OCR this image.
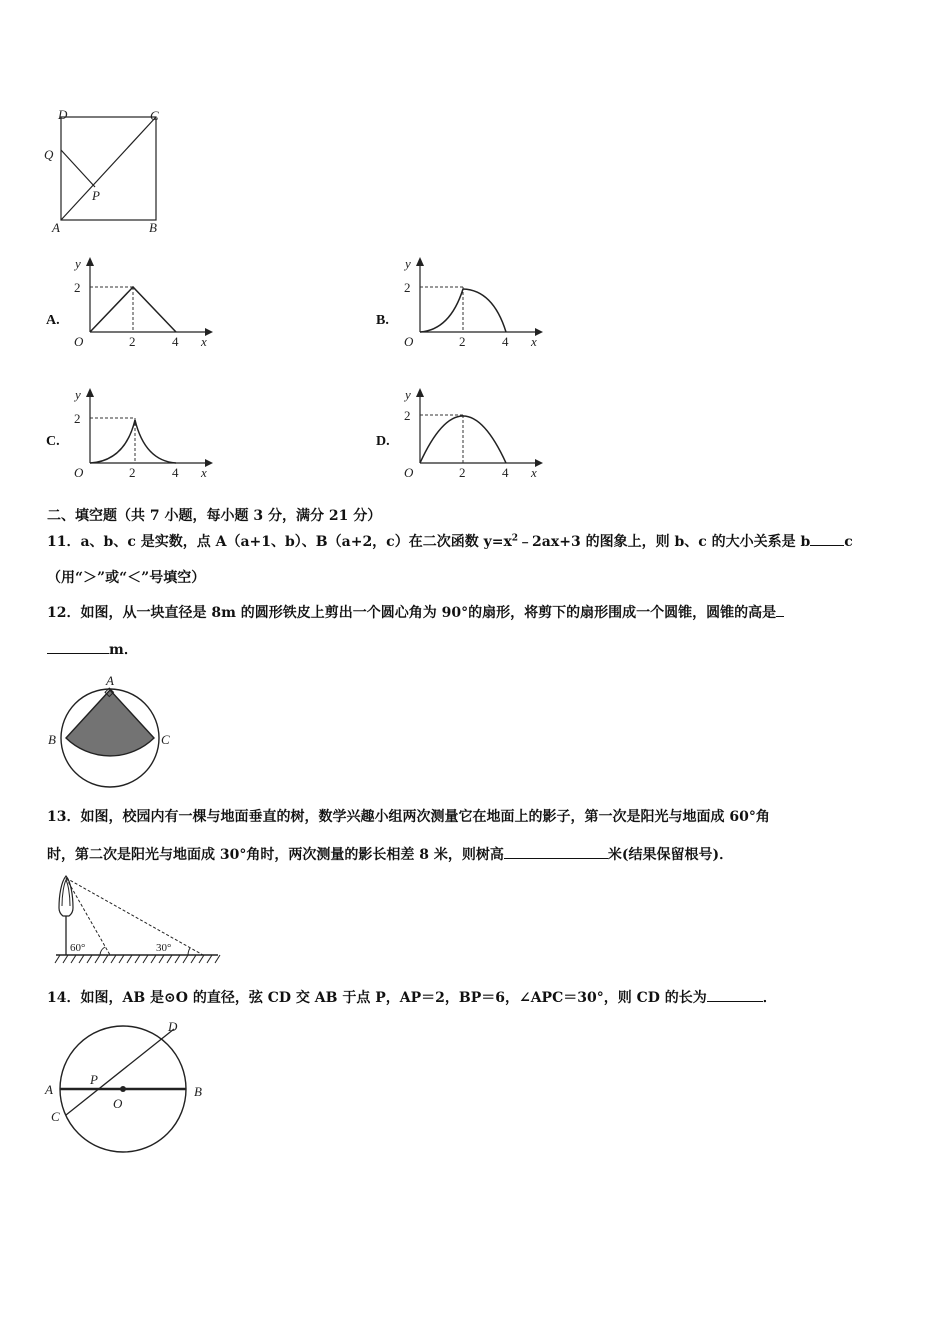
D	C
Q
P
A	B
A.
y
2
O	2	4 x
B.
y
2
O	2	4 x
C.
y
2
O	2	4 x
D.
y
2
O	2	4 x
二、填空题（共 7 小题，每小题 3 分，满分 21 分）
11．a、b、c 是实数，点 A（a+1、b）、B（a+2，c）在二次函数 $y=x^2﹣2ax+3$ 的图象上，则 b、c 的大小关系是 b c
（用“＞”或“＜”号填空）
12．如图，从一块直径是 8m 的圆形铁皮上剪出一个圆心角为 90°的扇形，将剪下的扇形围成一个圆锥，圆锥的高是
m．
A
B	C
13．如图，校园内有一棵与地面垂直的树，数学兴趣小组两次测量它在地面上的影子，第一次是阳光与地面成 60°角
时，第二次是阳光与地面成 30°角时，两次测量的影长相差 8 米，则树高	米(结果保留根号)．
60°	30°
14．如图，AB 是⊙O 的直径，弦 CD 交 AB 于点 P，AP＝2，BP＝6，∠APC＝30°，则 CD 的长为	．
A	B
C
D
P
O
